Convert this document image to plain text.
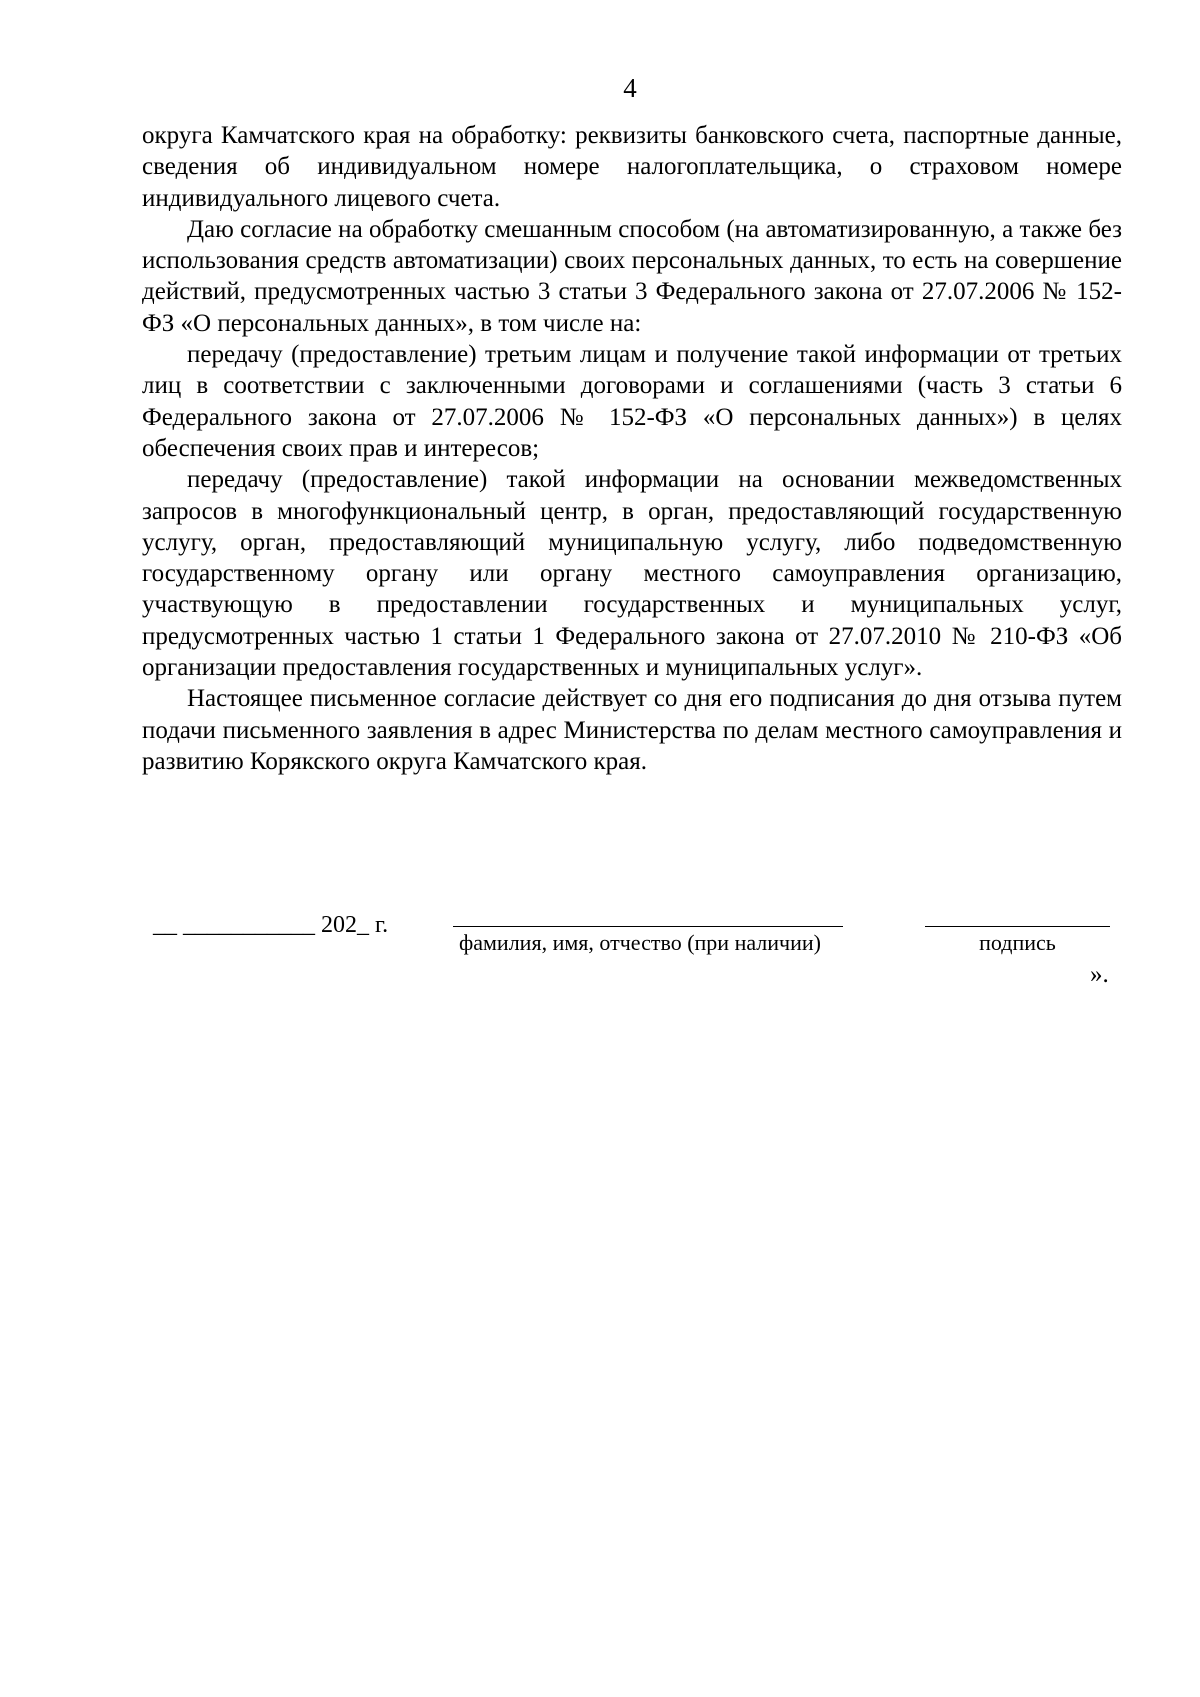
4

округа Камчатского края на обработку: реквизиты банковского счета, паспортные данные, сведения об индивидуальном номере налогоплательщика, о страховом номере индивидуального лицевого счета.

Даю согласие на обработку смешанным способом (на автоматизированную, а также без использования средств автоматизации) своих персональных данных, то есть на совершение действий, предусмотренных частью 3 статьи 3 Федерального закона от 27.07.2006 № 152-ФЗ «О персональных данных», в том числе на:

передачу (предоставление) третьим лицам и получение такой информации от третьих лиц в соответствии с заключенными договорами и соглашениями (часть 3 статьи 6 Федерального закона от 27.07.2006 № 152-ФЗ «О персональных данных») в целях обеспечения своих прав и интересов;

передачу (предоставление) такой информации на основании межведомственных запросов в многофункциональный центр, в орган, предоставляющий государственную услугу, орган, предоставляющий муниципальную услугу, либо подведомственную государственному органу или органу местного самоуправления организацию, участвующую в предоставлении государственных и муниципальных услуг, предусмотренных частью 1 статьи 1 Федерального закона от 27.07.2010 № 210-ФЗ «Об организации предоставления государственных и муниципальных услуг».

Настоящее письменное согласие действует со дня его подписания до дня отзыва путем подачи письменного заявления в адрес Министерства по делам местного самоуправления и развитию Корякского округа Камчатского края.

__ ___________ 202_ г.
фамилия, имя, отчество (при наличии)	подпись
».
